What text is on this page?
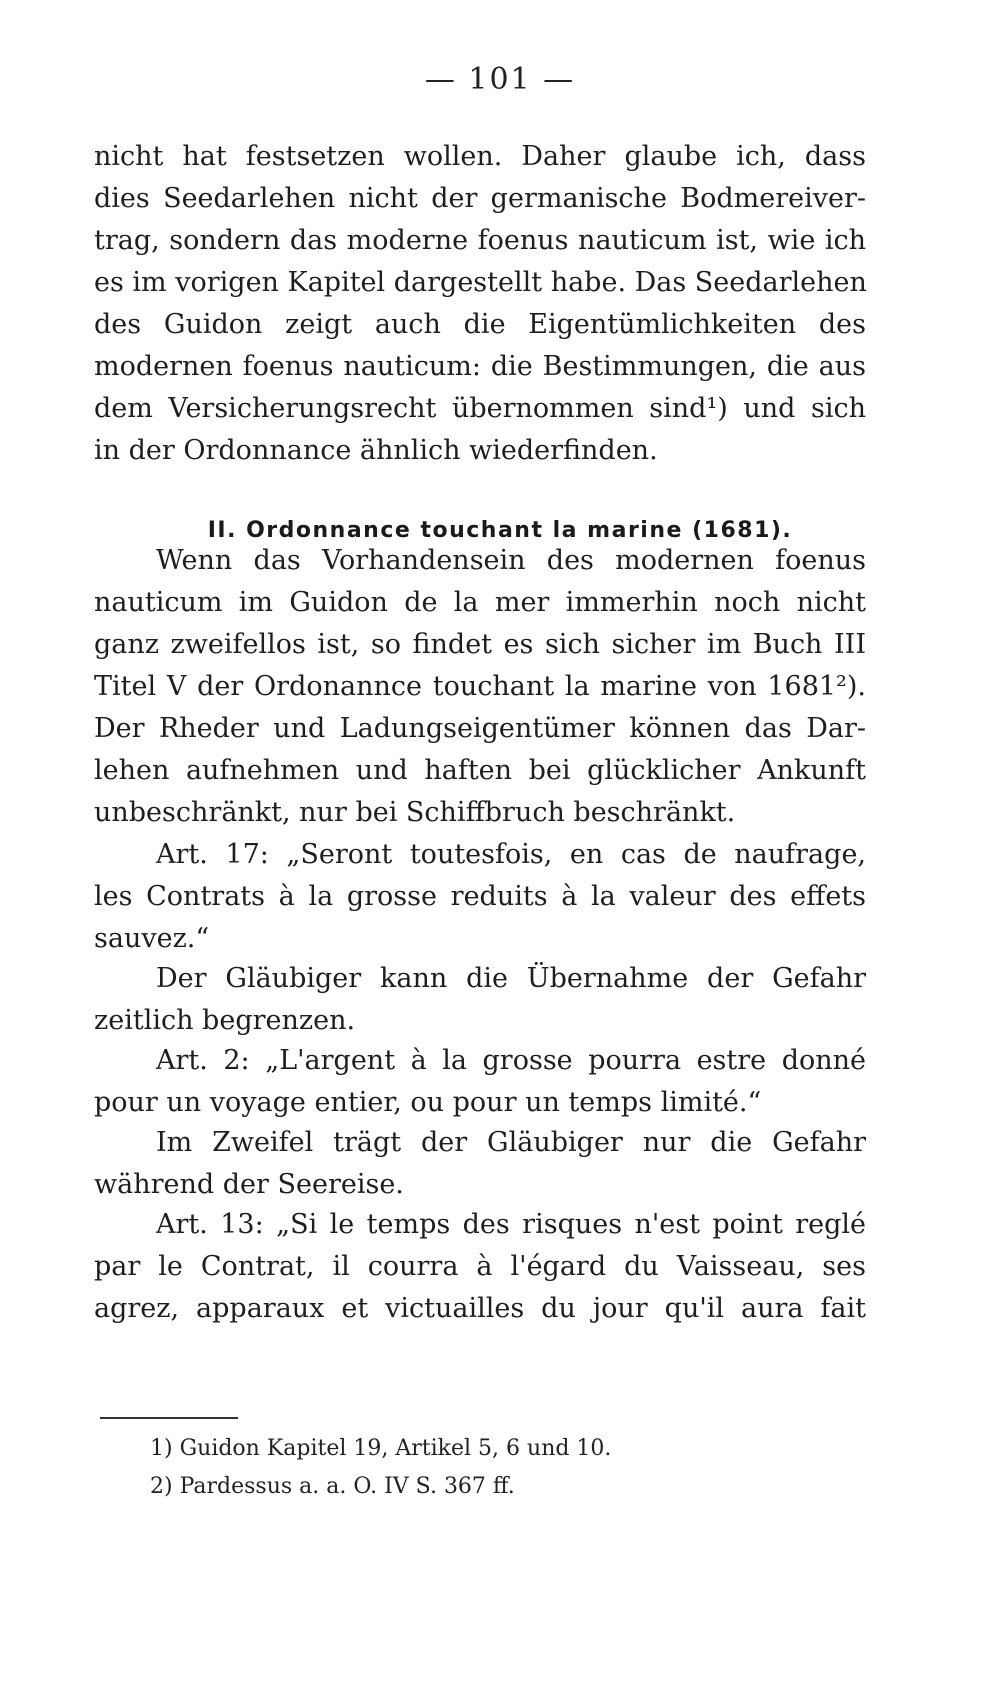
— 101 —
nicht hat festsetzen wollen. Daher glaube ich, dass
dies Seedarlehen nicht der germanische Bodmereiver-
trag, sondern das moderne foenus nauticum ist, wie ich
es im vorigen Kapitel dargestellt habe. Das Seedarlehen
des Guidon zeigt auch die Eigentümlichkeiten des
modernen foenus nauticum: die Bestimmungen, die aus
dem Versicherungsrecht übernommen sind¹) und sich
in der Ordonnance ähnlich wiederfinden.
II. Ordonnance touchant la marine (1681).
Wenn das Vorhandensein des modernen foenus
nauticum im Guidon de la mer immerhin noch nicht
ganz zweifellos ist, so findet es sich sicher im Buch III
Titel V der Ordonannce touchant la marine von 1681²).
Der Rheder und Ladungseigentümer können das Dar-
lehen aufnehmen und haften bei glücklicher Ankunft
unbeschränkt, nur bei Schiffbruch beschränkt.
Art. 17: „Seront toutesfois, en cas de naufrage,
les Contrats à la grosse reduits à la valeur des effets
sauvez.“
Der Gläubiger kann die Übernahme der Gefahr
zeitlich begrenzen.
Art. 2: „L'argent à la grosse pourra estre donné
pour un voyage entier, ou pour un temps limité.“
Im Zweifel trägt der Gläubiger nur die Gefahr
während der Seereise.
Art. 13: „Si le temps des risques n'est point reglé
par le Contrat, il courra à l'égard du Vaisseau, ses
agrez, apparaux et victuailles du jour qu'il aura fait
1) Guidon Kapitel 19, Artikel 5, 6 und 10.
2) Pardessus a. a. O. IV S. 367 ff.
